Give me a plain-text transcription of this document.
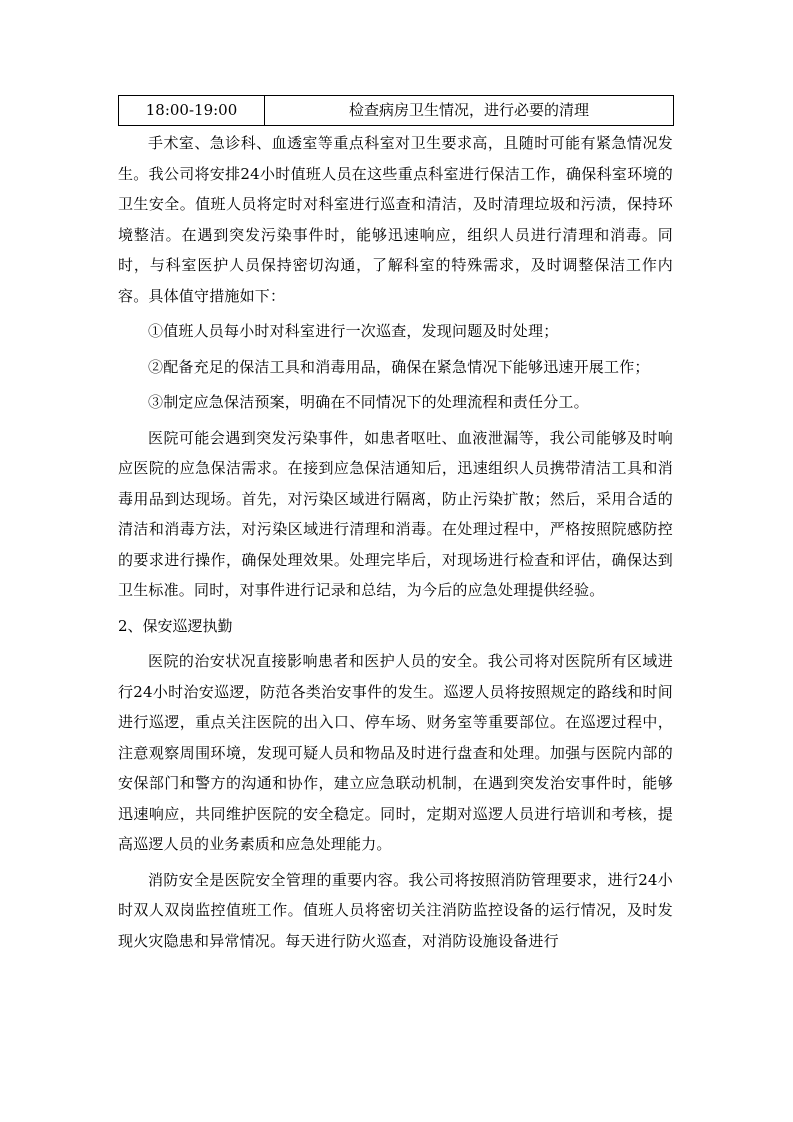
18:00-19:00	检查病房卫生情况，进行必要的清理

手术室、急诊科、血透室等重点科室对卫生要求高，且随时可能有紧急情况发生。我公司将安排24小时值班人员在这些重点科室进行保洁工作，确保科室环境的卫生安全。值班人员将定时对科室进行巡查和清洁，及时清理垃圾和污渍，保持环境整洁。在遇到突发污染事件时，能够迅速响应，组织人员进行清理和消毒。同时，与科室医护人员保持密切沟通，了解科室的特殊需求，及时调整保洁工作内容。具体值守措施如下：

①值班人员每小时对科室进行一次巡查，发现问题及时处理；

②配备充足的保洁工具和消毒用品，确保在紧急情况下能够迅速开展工作；

③制定应急保洁预案，明确在不同情况下的处理流程和责任分工。

医院可能会遇到突发污染事件，如患者呕吐、血液泄漏等，我公司能够及时响应医院的应急保洁需求。在接到应急保洁通知后，迅速组织人员携带清洁工具和消毒用品到达现场。首先，对污染区域进行隔离，防止污染扩散；然后，采用合适的清洁和消毒方法，对污染区域进行清理和消毒。在处理过程中，严格按照院感防控的要求进行操作，确保处理效果。处理完毕后，对现场进行检查和评估，确保达到卫生标准。同时，对事件进行记录和总结，为今后的应急处理提供经验。

2、保安巡逻执勤

医院的治安状况直接影响患者和医护人员的安全。我公司将对医院所有区域进行24小时治安巡逻，防范各类治安事件的发生。巡逻人员将按照规定的路线和时间进行巡逻，重点关注医院的出入口、停车场、财务室等重要部位。在巡逻过程中，注意观察周围环境，发现可疑人员和物品及时进行盘查和处理。加强与医院内部的安保部门和警方的沟通和协作，建立应急联动机制，在遇到突发治安事件时，能够迅速响应，共同维护医院的安全稳定。同时，定期对巡逻人员进行培训和考核，提高巡逻人员的业务素质和应急处理能力。

消防安全是医院安全管理的重要内容。我公司将按照消防管理要求，进行24小时双人双岗监控值班工作。值班人员将密切关注消防监控设备的运行情况，及时发现火灾隐患和异常情况。每天进行防火巡查，对消防设施设备进行
